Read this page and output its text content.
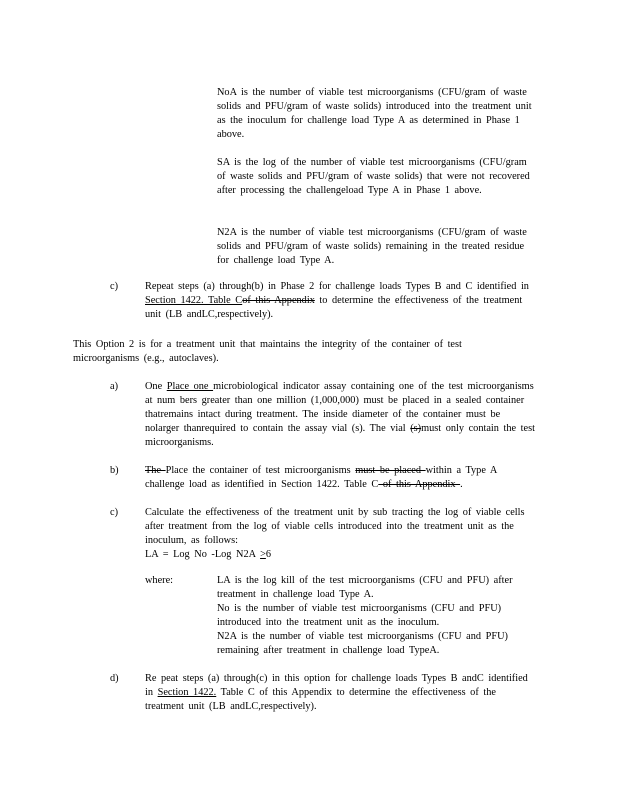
NoA is the number of viable test microorganisms (CFU/gram of waste solids and PFU/gram of waste solids) introduced into the treatment unit as the inoculum for challenge load Type A as determined in Phase 1 above.

SA is the log of the number of viable test microorganisms (CFU/gram of waste solids and PFU/gram of waste solids) that were not recovered after processing the challengeload Type A in Phase 1 above.

N2A is the number of viable test microorganisms (CFU/gram of waste solids and PFU/gram of waste solids) remaining in the treated residue for challenge load Type A.

c)	Repeat steps (a) through(b) in Phase 2 for challenge loads Types B and C identified in Section 1422. Table Cof this Appendix to determine the effectiveness of the treatment unit (LB andLC,respectively).

This Option 2 is for a treatment unit that maintains the integrity of the container of test microorganisms (e.g., autoclaves).

a)	One Place one microbiological indicator assay containing one of the test microorganisms at num bers greater than one million (1,000,000) must be placed in a sealed container thatremains intact during treatment. The inside diameter of the container must be nolarger thanrequired to contain the assay vial (s). The vial (s)must only contain the test microorganisms.

b)	The Place the container of test microorganisms must be placed within a Type A challenge load as identified in Section 1422. Table C of this Appendix .

c)	Calculate the effectiveness of the treatment unit by sub tracting the log of viable cells after treatment from the log of viable cells introduced into the treatment unit as the inoculum, as follows:

LA = Log No -Log N2A >6

where:	LA is the log kill of the test microorganisms (CFU and PFU) after treatment in challenge load Type A.

No is the number of viable test microorganisms (CFU and PFU) introduced into the treatment unit as the inoculum.

N2A is the number of viable test microorganisms (CFU and PFU) remaining after treatment in challenge load TypeA.

d)	Re peat steps (a) through(c) in this option for challenge loads Types B andC identified in Section 1422. Table C of this Appendix to determine the effectiveness of the treatment unit (LB andLC,respectively).
